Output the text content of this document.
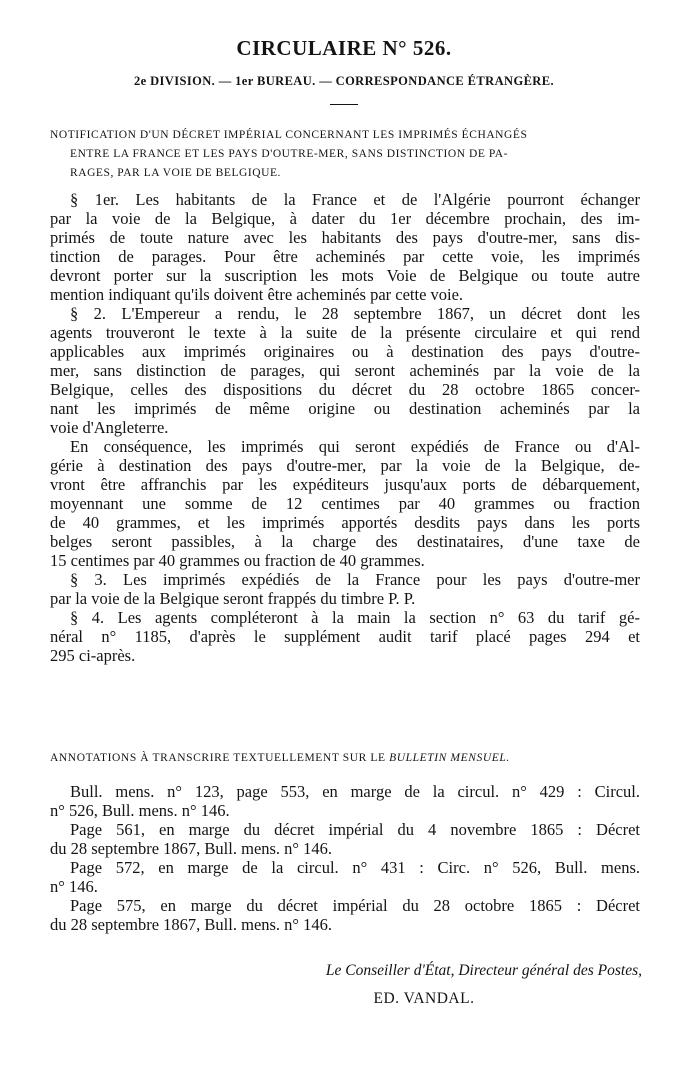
CIRCULAIRE N° 526.
2e DIVISION. — 1er BUREAU. — CORRESPONDANCE ÉTRANGÈRE.
NOTIFICATION D'UN DÉCRET IMPÉRIAL CONCERNANT LES IMPRIMÉS ÉCHANGÉS
ENTRE LA FRANCE ET LES PAYS D'OUTRE-MER, SANS DISTINCTION DE PA-
RAGES, PAR LA VOIE DE BELGIQUE.
§ 1er. Les habitants de la France et de l'Algérie pourront échanger
par la voie de la Belgique, à dater du 1er décembre prochain, des im-
primés de toute nature avec les habitants des pays d'outre-mer, sans dis-
tinction de parages. Pour être acheminés par cette voie, les imprimés
devront porter sur la suscription les mots Voie de Belgique ou toute autre
mention indiquant qu'ils doivent être acheminés par cette voie.
§ 2. L'Empereur a rendu, le 28 septembre 1867, un décret dont les
agents trouveront le texte à la suite de la présente circulaire et qui rend
applicables aux imprimés originaires ou à destination des pays d'outre-
mer, sans distinction de parages, qui seront acheminés par la voie de la
Belgique, celles des dispositions du décret du 28 octobre 1865 concer-
nant les imprimés de même origine ou destination acheminés par la
voie d'Angleterre.
En conséquence, les imprimés qui seront expédiés de France ou d'Al-
gérie à destination des pays d'outre-mer, par la voie de la Belgique, de-
vront être affranchis par les expéditeurs jusqu'aux ports de débarquement,
moyennant une somme de 12 centimes par 40 grammes ou fraction
de 40 grammes, et les imprimés apportés desdits pays dans les ports
belges seront passibles, à la charge des destinataires, d'une taxe de
15 centimes par 40 grammes ou fraction de 40 grammes.
§ 3. Les imprimés expédiés de la France pour les pays d'outre-mer
par la voie de la Belgique seront frappés du timbre P. P.
§ 4. Les agents compléteront à la main la section n° 63 du tarif gé-
néral n° 1185, d'après le supplément audit tarif placé pages 294 et
295 ci-après.
ANNOTATIONS À TRANSCRIRE TEXTUELLEMENT SUR LE BULLETIN MENSUEL.
Bull. mens. n° 123, page 553, en marge de la circul. n° 429 : Circul.
n° 526, Bull. mens. n° 146.
Page 561, en marge du décret impérial du 4 novembre 1865 : Décret
du 28 septembre 1867, Bull. mens. n° 146.
Page 572, en marge de la circul. n° 431 : Circ. n° 526, Bull. mens.
n° 146.
Page 575, en marge du décret impérial du 28 octobre 1865 : Décret
du 28 septembre 1867, Bull. mens. n° 146.
Le Conseiller d'État, Directeur général des Postes,
ED. VANDAL.
